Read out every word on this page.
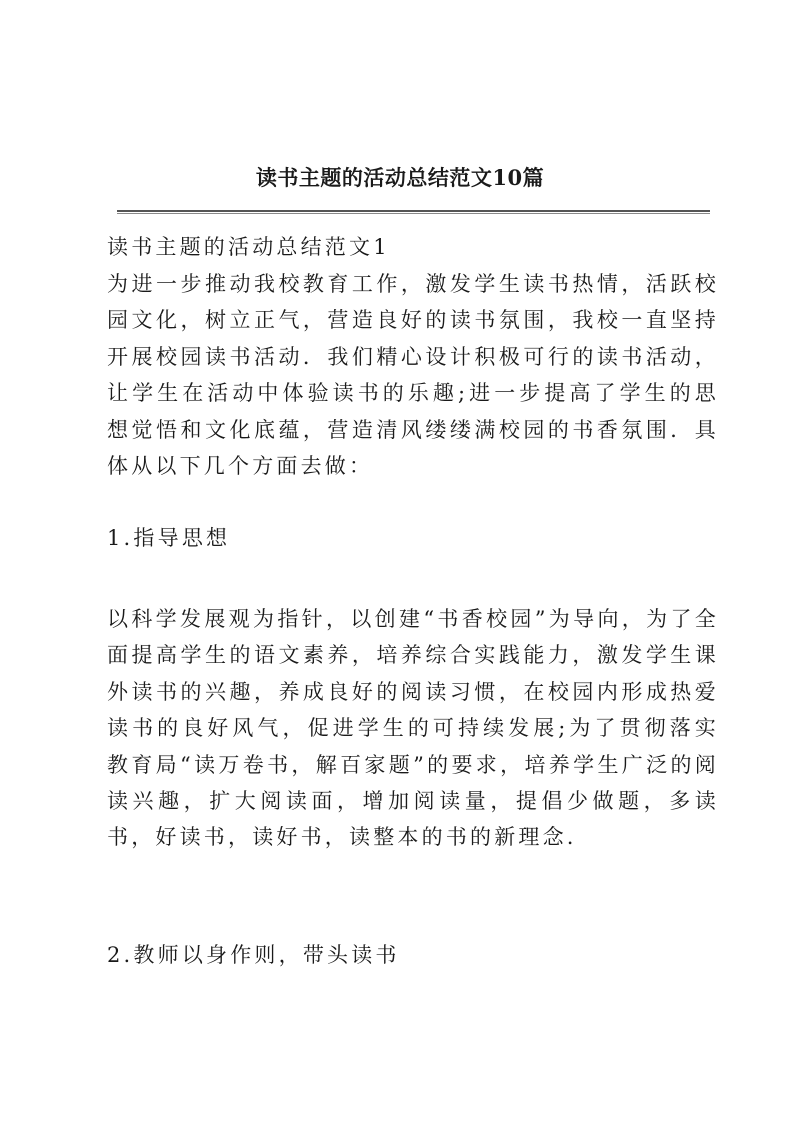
读书主题的活动总结范文10篇
读书主题的活动总结范文1
为进一步推动我校教育工作，激发学生读书热情，活跃校园文化，树立正气，营造良好的读书氛围，我校一直坚持开展校园读书活动．我们精心设计积极可行的读书活动，让学生在活动中体验读书的乐趣;进一步提高了学生的思想觉悟和文化底蕴，营造清风缕缕满校园的书香氛围．具体从以下几个方面去做：
1.指导思想
以科学发展观为指针，以创建“书香校园”为导向，为了全面提高学生的语文素养，培养综合实践能力，激发学生课外读书的兴趣，养成良好的阅读习惯，在校园内形成热爱读书的良好风气，促进学生的可持续发展;为了贯彻落实教育局“读万卷书，解百家题”的要求，培养学生广泛的阅读兴趣，扩大阅读面，增加阅读量，提倡少做题，多读书，好读书，读好书，读整本的书的新理念.
2.教师以身作则，带头读书
